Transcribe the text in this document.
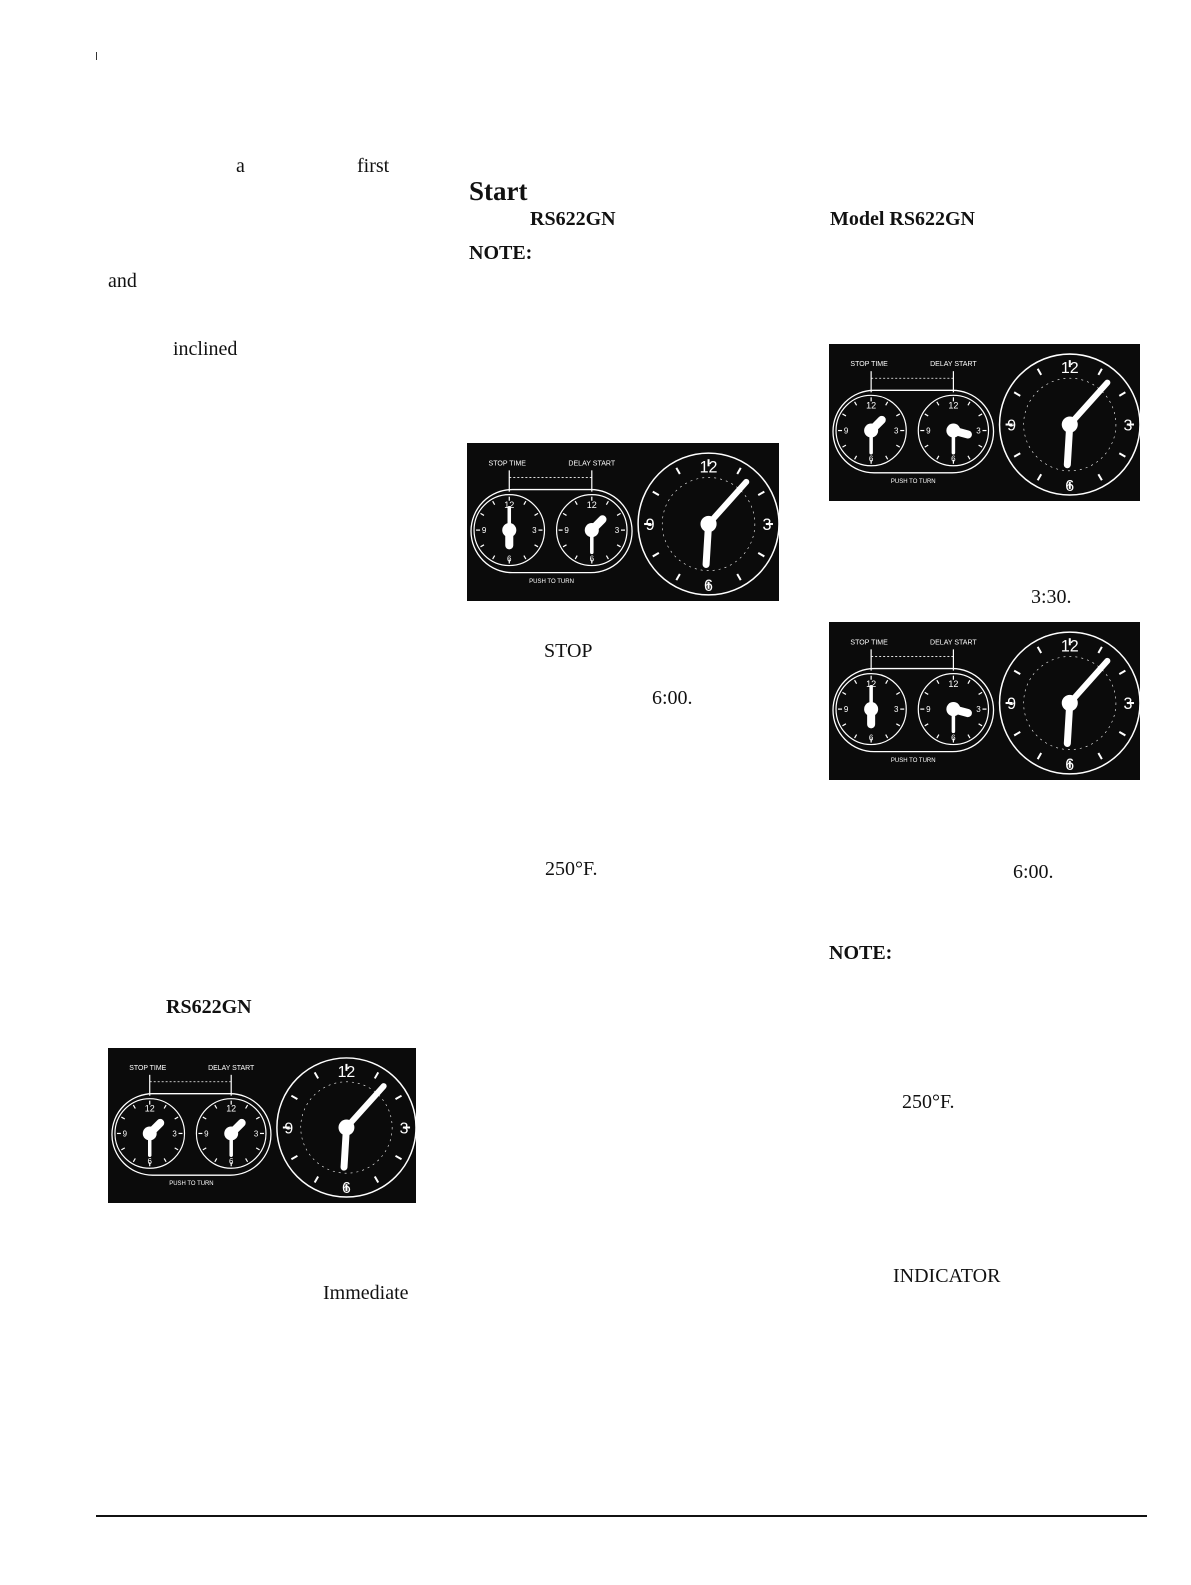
a	first
and
inclined
RS622GN
Immediate
Start
RS622GN
NOTE:
STOP
6:00.
250°F.
Model RS622GN
3:30.
6:00.
NOTE:
250°F.
INDICATOR
STOP TIME	DELAY START
12
3
6
9
12
3
6
9
PUSH TO TURN
12
3
6
9
STOP TIME	DELAY START
12
3
6
9
12
3
6
9
PUSH TO TURN
12
3
6
9
STOP TIME	DELAY START
12
3
6
9
12
3
6
9
PUSH TO TURN
12
3
6
9
STOP TIME	DELAY START
12
3
6
9
12
3
6
9
PUSH TO TURN
12
3
6
9
